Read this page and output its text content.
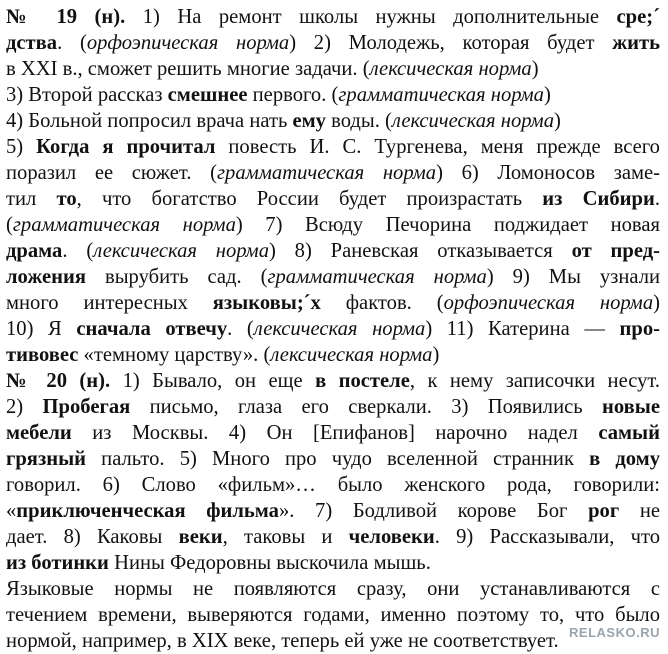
№ 19 (н). 1) На ремонт школы нужны дополнительные сре;´
дства. (орфоэпическая норма) 2) Молодежь, которая будет жить
в XXI в., сможет решить многие задачи. (лексическая норма)
3) Второй рассказ смешнее первого. (грамматическая норма)
4) Больной попросил врача нать ему воды. (лексическая норма)
5) Когда я прочитал повесть И. С. Тургенева, меня прежде всего
поразил ее сюжет. (грамматическая норма) 6) Ломоносов заме-
тил то, что богатство России будет произрастать из Сибири.
(грамматическая норма) 7) Всюду Печорина поджидает новая
драма. (лексическая норма) 8) Раневская отказывается от пред-
ложения вырубить сад. (грамматическая норма) 9) Мы узнали
много интересных языковы;´х фактов. (орфоэпическая норма)
10) Я сначала отвечу. (лексическая норма) 11) Катерина — про-
тивовес «темному царству». (лексическая норма)
№ 20 (н). 1) Бывало, он еще в постеле, к нему записочки несут.
2) Пробегая письмо, глаза его сверкали. 3) Появились новые
мебели из Москвы. 4) Он [Епифанов] нарочно надел самый
грязный пальто. 5) Много про чудо вселенной странник в дому
говорил. 6) Слово «фильм»… было женского рода, говорили:
«приключенческая фильма». 7) Бодливой корове Бог рог не
дает. 8) Каковы веки, таковы и человеки. 9) Рассказывали, что
из ботинки Нины Федоровны выскочила мышь.
Языковые нормы не появляются сразу, они устанавливаются с
течением времени, выверяются годами, именно поэтому то, что было
нормой, например, в XIX веке, теперь ей уже не соответствует. RELASKO.RU
